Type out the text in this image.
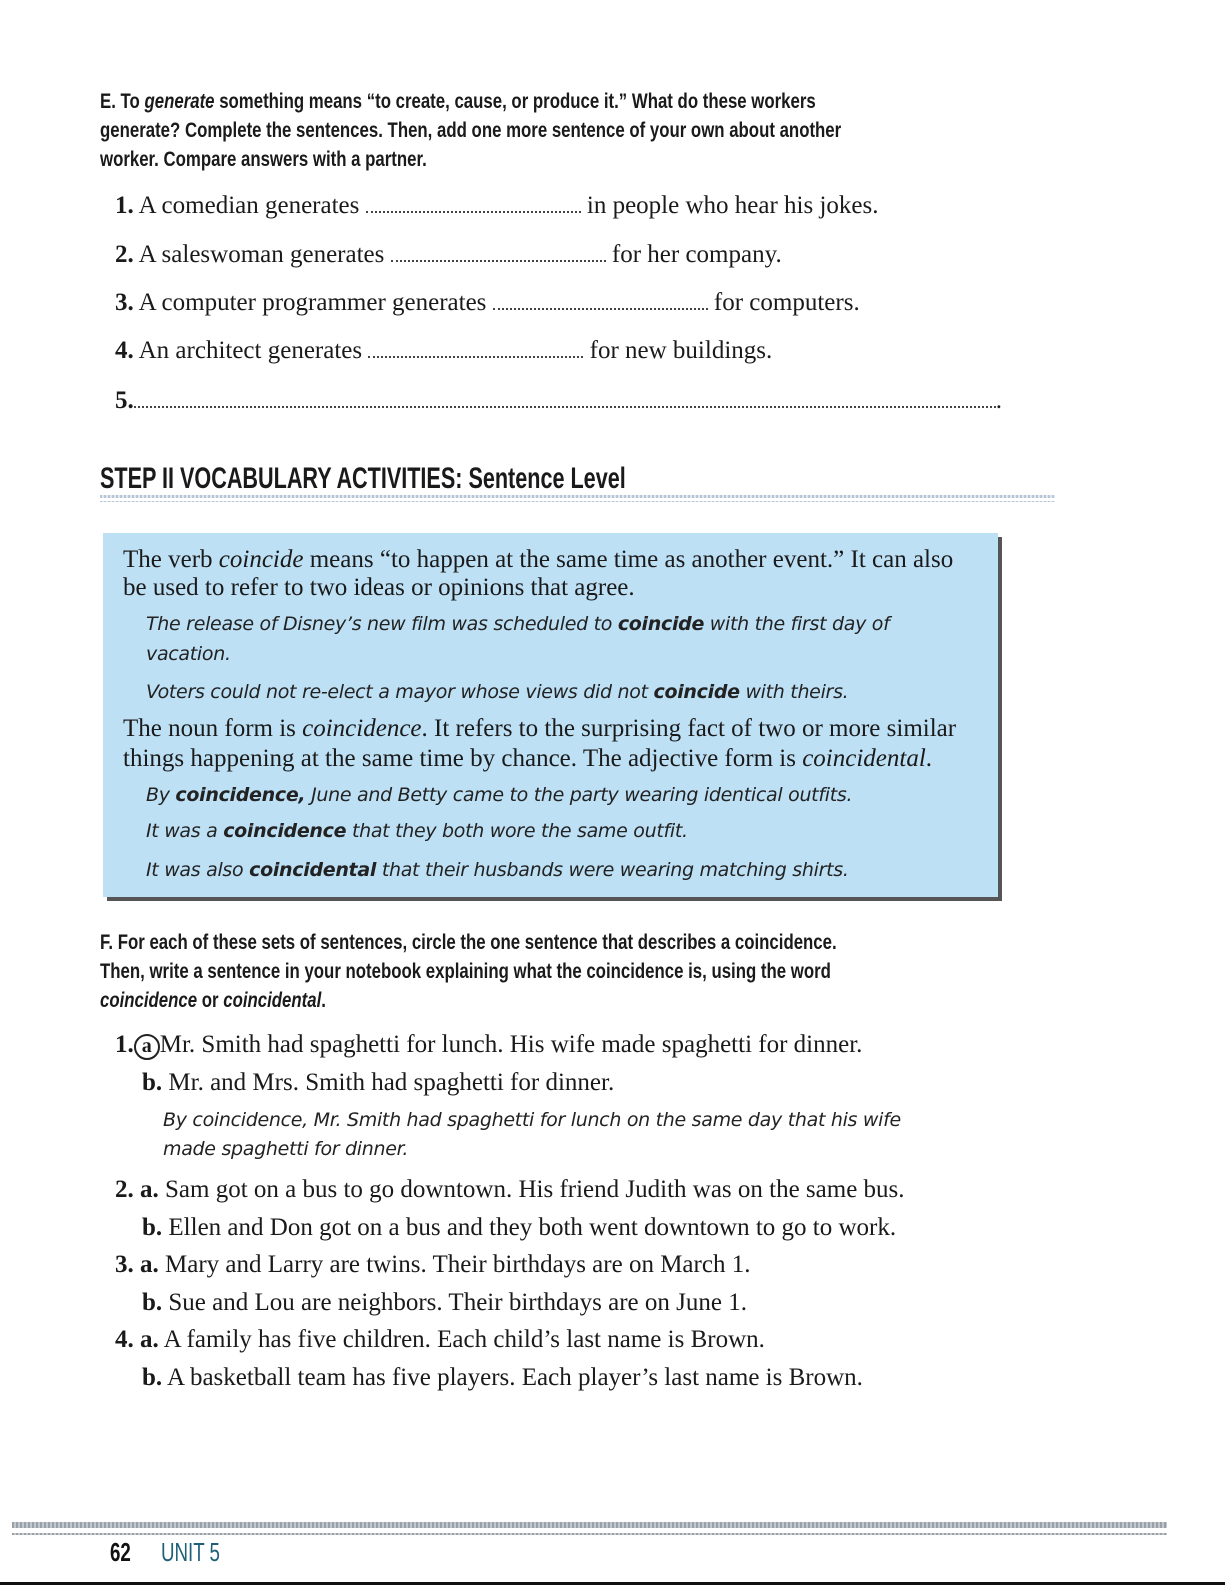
E. To generate something means “to create, cause, or produce it.” What do these workers
generate? Complete the sentences. Then, add one more sentence of your own about another
worker. Compare answers with a partner.
1. A comedian generates	in people who hear his jokes.
2. A saleswoman generates	for her company.
3. A computer programmer generates	for computers.
4. An architect generates	for new buildings.
5.	.
STEP II VOCABULARY ACTIVITIES: Sentence Level
The verb coincide means “to happen at the same time as another event.” It can also
be used to refer to two ideas or opinions that agree.
The release of Disney’s new film was scheduled to coincide with the first day of
vacation.
Voters could not re-elect a mayor whose views did not coincide with theirs.
The noun form is coincidence. It refers to the surprising fact of two or more similar
things happening at the same time by chance. The adjective form is coincidental.
By coincidence, June and Betty came to the party wearing identical outfits.
It was a coincidence that they both wore the same outfit.
It was also coincidental that their husbands were wearing matching shirts.
F. For each of these sets of sentences, circle the one sentence that describes a coincidence.
Then, write a sentence in your notebook explaining what the coincidence is, using the word
coincidence or coincidental.
1. a Mr. Smith had spaghetti for lunch. His wife made spaghetti for dinner.
b. Mr. and Mrs. Smith had spaghetti for dinner.
By coincidence, Mr. Smith had spaghetti for lunch on the same day that his wife
made spaghetti for dinner.
2. a. Sam got on a bus to go downtown. His friend Judith was on the same bus.
b. Ellen and Don got on a bus and they both went downtown to go to work.
3. a. Mary and Larry are twins. Their birthdays are on March 1.
b. Sue and Lou are neighbors. Their birthdays are on June 1.
4. a. A family has five children. Each child’s last name is Brown.
b. A basketball team has five players. Each player’s last name is Brown.
62 UNIT 5
